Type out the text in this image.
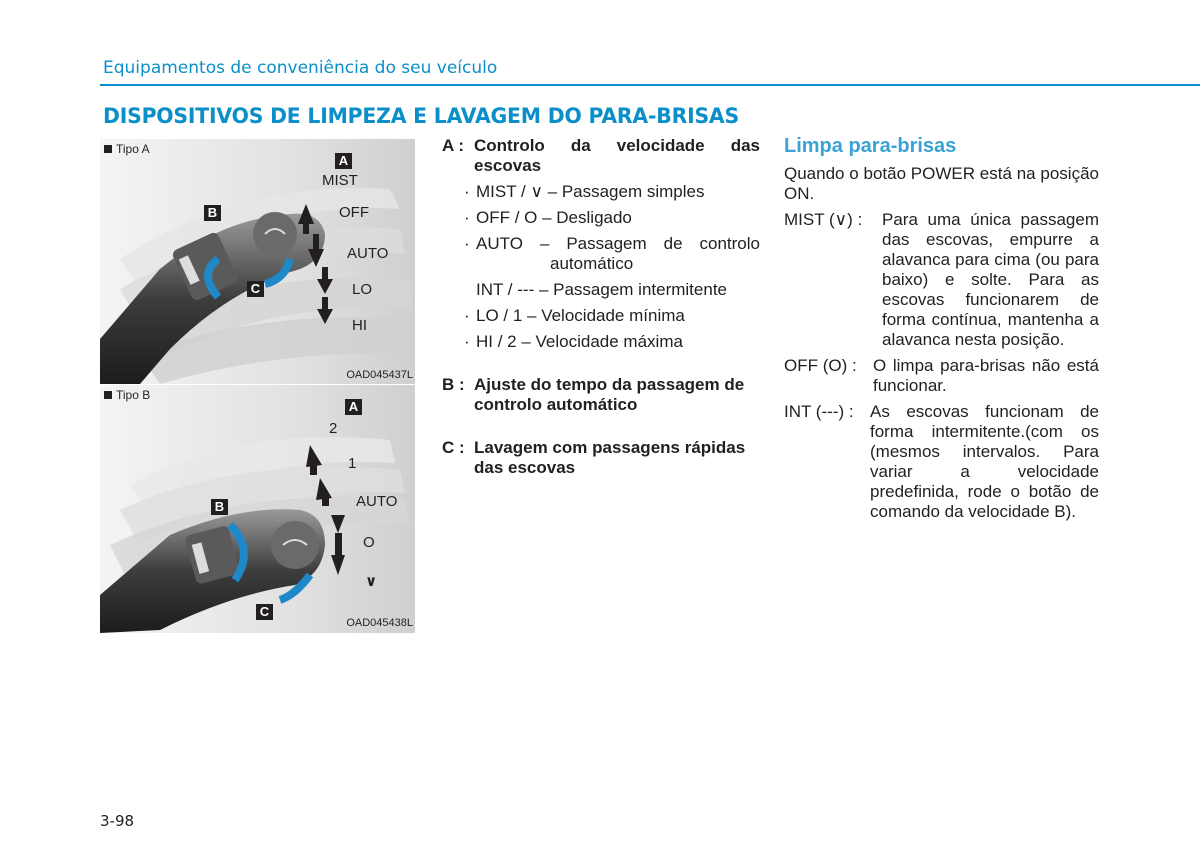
Equipamentos de conveniência do seu veículo
DISPOSITIVOS DE LIMPEZA E LAVAGEM DO PARA-BRISAS
Tipo A
A
B
C
MIST
OFF
AUTO
LO
HI
OAD045437L
Tipo B
A
B
C
2
1
AUTO
O
∨
OAD045438L
A : Controlo da velocidade das escovas
· MIST / ∨ – Passagem simples
· OFF / O – Desligado
· AUTO – Passagem de controlo
automático
INT / --- – Passagem intermitente
· LO / 1 – Velocidade mínima
· HI / 2 – Velocidade máxima
B : Ajuste do tempo da passagem de controlo automático
C : Lavagem com passagens rápidas das escovas
Limpa para-brisas
Quando o botão POWER está na posição ON.
MIST (∨) :	Para uma única passagem das escovas, empurre a alavanca para cima (ou para baixo) e solte. Para as escovas funcionarem de forma contínua, mantenha a alavanca nesta posição.
OFF (O) : O limpa para-brisas não está funcionar.
INT (---) : As escovas funcionam de forma intermitente.(com os (mesmos intervalos. Para variar a velocidade predefinida, rode o botão de comando da velocidade B).
3-98
